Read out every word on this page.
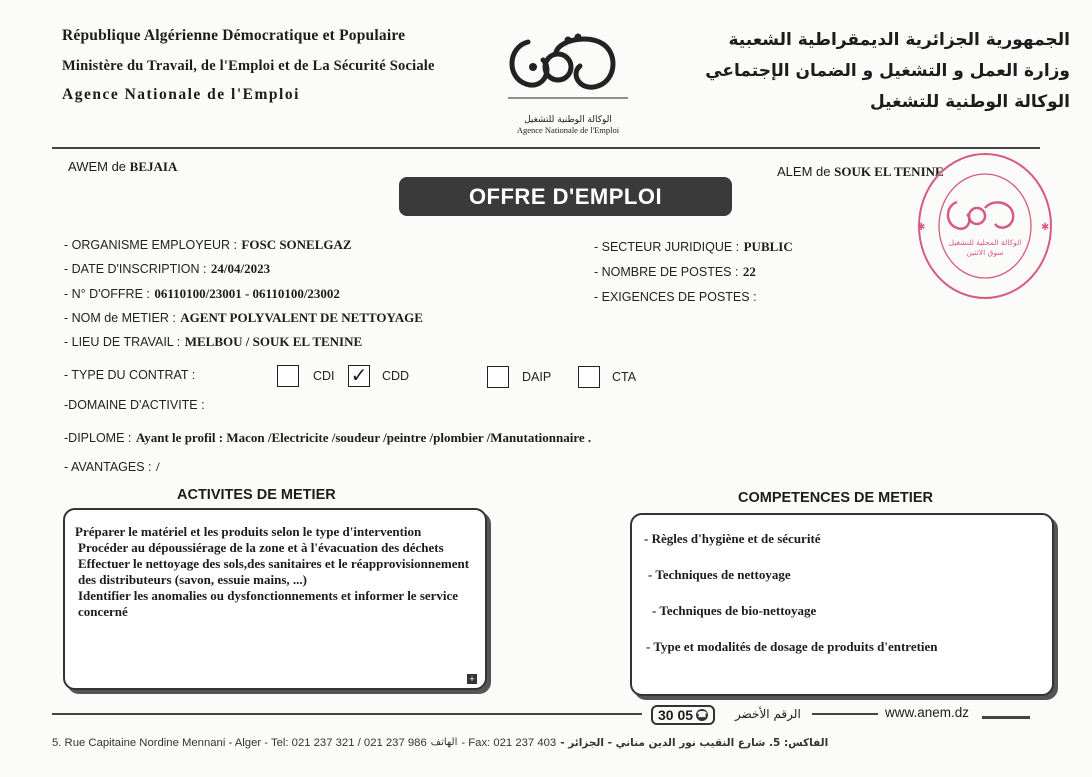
République Algérienne Démocratique et Populaire
Ministère du Travail, de l'Emploi et de La Sécurité Sociale
Agence Nationale de l'Emploi
الجمهورية الجزائرية الديمقراطية الشعبية
وزارة العمل و التشغيل و الضمان الإجتماعي
الوكالة الوطنية للتشغيل
الوكالة الوطنية للتشغيل
Agence Nationale de l'Emploi
AWEM de BEJAIA	ALEM de SOUK EL TENINE
OFFRE D'EMPLOI
✱	✱
الوكالة المحلية للتشغيل
سوق الاثنين
- ORGANISME EMPLOYEUR : FOSC SONELGAZ
- DATE D'INSCRIPTION : 24/04/2023
- N° D'OFFRE : 06110100/23001 - 06110100/23002
- NOM de METIER : AGENT POLYVALENT DE NETTOYAGE
- LIEU DE TRAVAIL : MELBOU / SOUK EL TENINE
- SECTEUR JURIDIQUE : PUBLIC
- NOMBRE DE POSTES : 22
- EXIGENCES DE POSTES :
- TYPE DU CONTRAT :	CDI ✓ CDD	DAIP	CTA
-DOMAINE D'ACTIVITE :
-DIPLOME : Ayant le profil : Macon /Electricite /soudeur /peintre /plombier /Manutationnaire .
- AVANTAGES : /
ACTIVITES DE METIER
Préparer le matériel et les produits selon le type d'intervention
Procéder au dépoussiérage de la zone et à l'évacuation des déchets
Effectuer le nettoyage des sols,des sanitaires et le réapprovisionnement des distributeurs (savon, essuie mains, ...)
Identifier les anomalies ou dysfonctionnements et informer le service concerné
+
COMPETENCES DE METIER
- Règles d'hygiène et de sécurité
- Techniques de nettoyage
- Techniques de bio-nettoyage
- Type et modalités de dosage de produits d'entretien
30 05 ☎ الرقم الأخضر	www.anem.dz
5. Rue Capitaine Nordine Mennani - Alger - Tel: 021 237 321 / 021 237 986 الهاتف - Fax: 021 237 403 الفاكس: 5. شارع النقيب نور الدين مناني - الجزائر -
